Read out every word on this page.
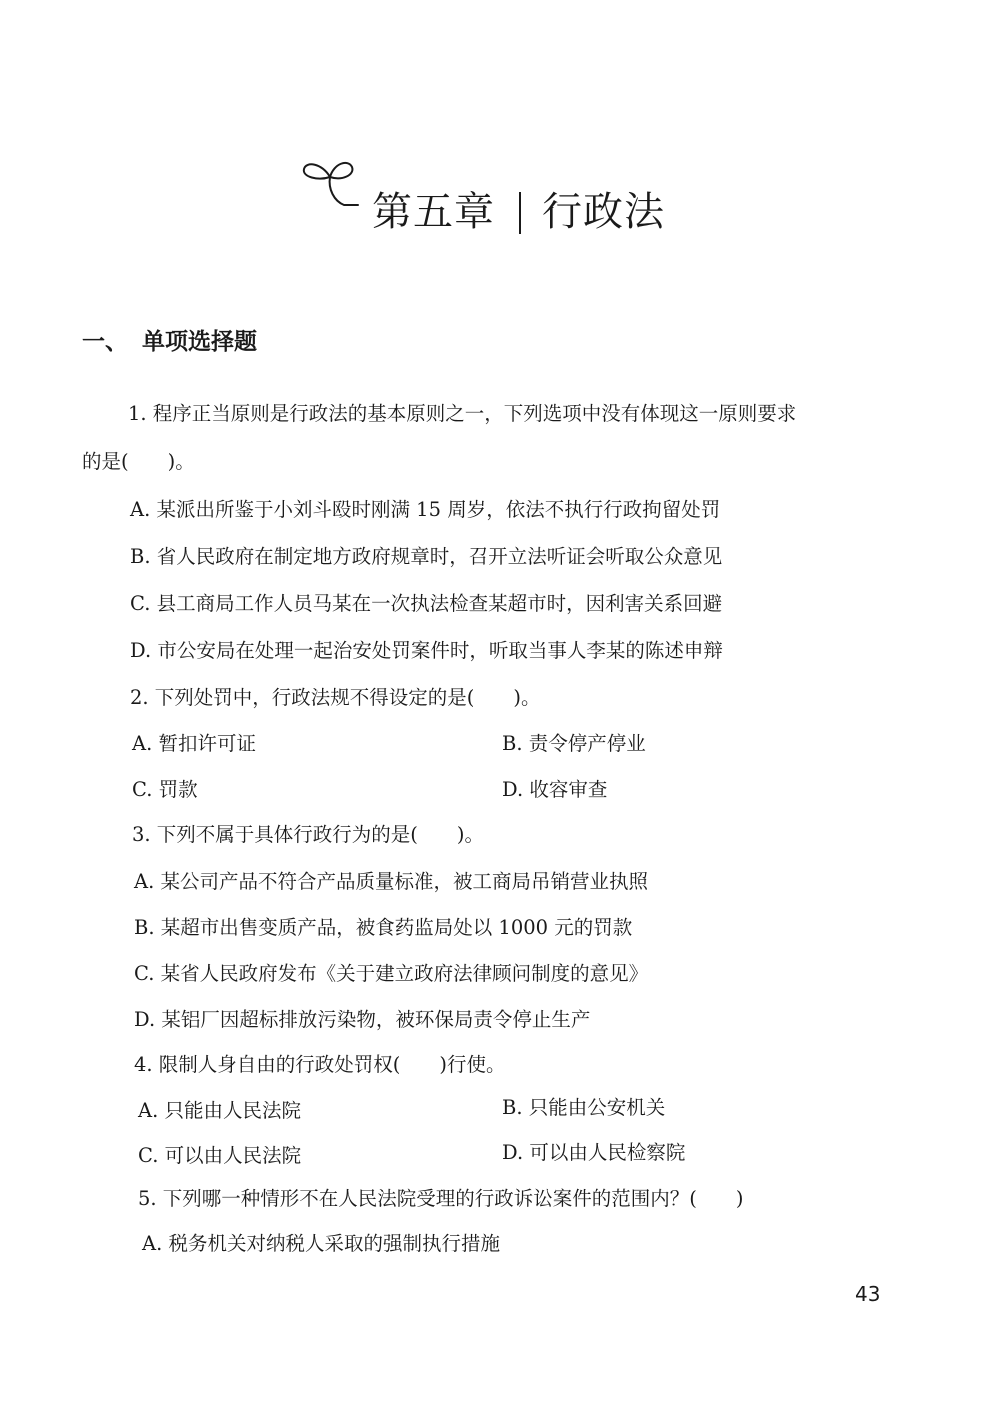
第五章 行政法
一、 单项选择题
1. 程序正当原则是行政法的基本原则之一，下列选项中没有体现这一原则要求
的是(　　)。
A. 某派出所鉴于小刘斗殴时刚满 15 周岁，依法不执行行政拘留处罚
B. 省人民政府在制定地方政府规章时，召开立法听证会听取公众意见
C. 县工商局工作人员马某在一次执法检查某超市时，因利害关系回避
D. 市公安局在处理一起治安处罚案件时，听取当事人李某的陈述申辩
2. 下列处罚中，行政法规不得设定的是(　　)。
A. 暂扣许可证	B. 责令停产停业
C. 罚款	D. 收容审查
3. 下列不属于具体行政行为的是(　　)。
A. 某公司产品不符合产品质量标准，被工商局吊销营业执照
B. 某超市出售变质产品，被食药监局处以 1000 元的罚款
C. 某省人民政府发布《关于建立政府法律顾问制度的意见》
D. 某铝厂因超标排放污染物，被环保局责令停止生产
4. 限制人身自由的行政处罚权(　　)行使。
A. 只能由人民法院	B. 只能由公安机关
C. 可以由人民法院	D. 可以由人民检察院
5. 下列哪一种情形不在人民法院受理的行政诉讼案件的范围内？(　　)
A. 税务机关对纳税人采取的强制执行措施
43
